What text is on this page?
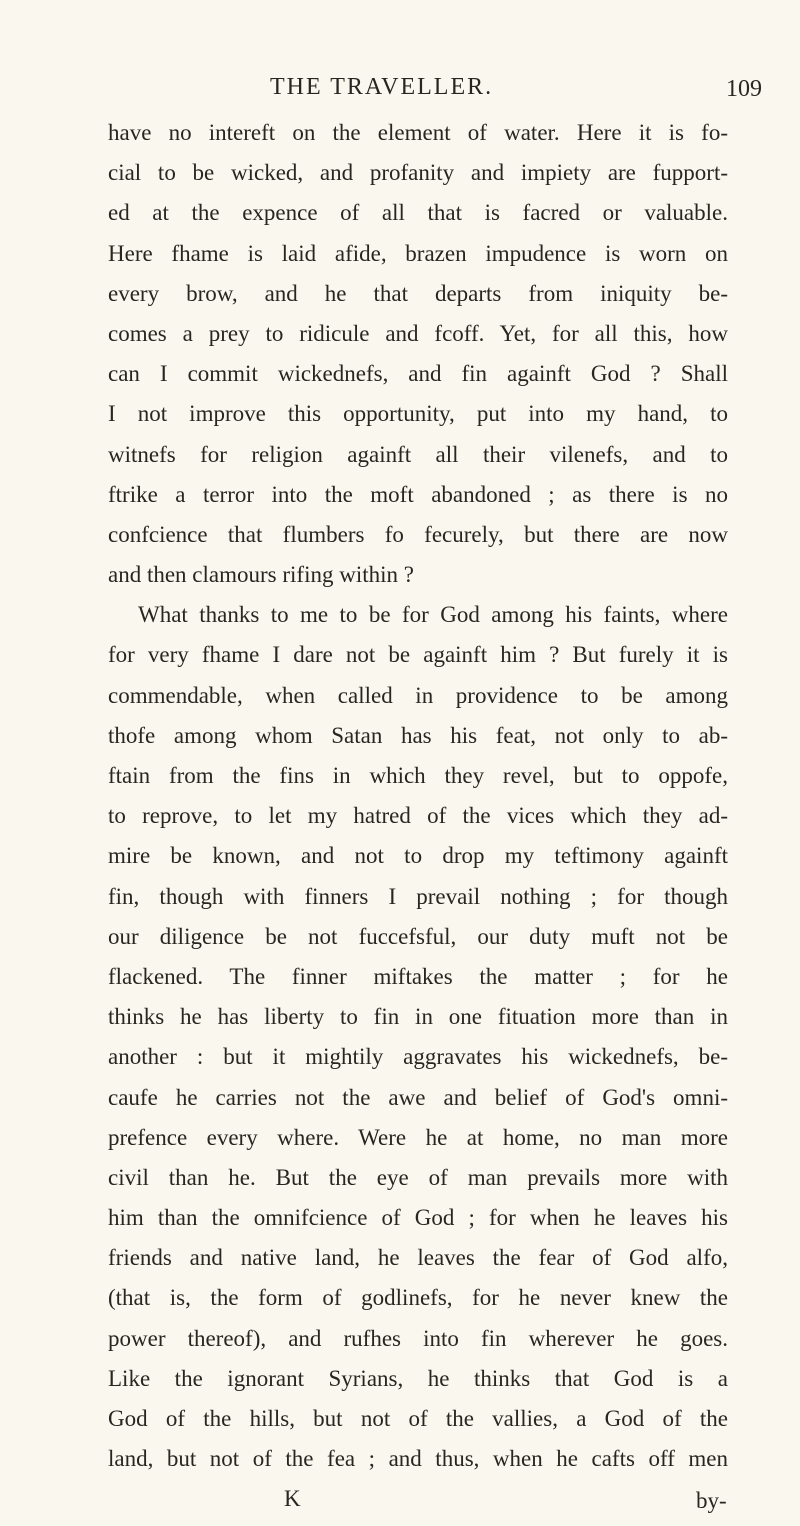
THE TRAVELLER.	109
have no intereft on the element of water. Here it is fo-
cial to be wicked, and profanity and impiety are fupport-
ed at the expence of all that is facred or valuable.
Here fhame is laid afide, brazen impudence is worn on
every brow, and he that departs from iniquity be-
comes a prey to ridicule and fcoff. Yet, for all this, how
can I commit wickednefs, and fin againft God ? Shall
I not improve this opportunity, put into my hand, to
witnefs for religion againft all their vilenefs, and to
ftrike a terror into the moft abandoned ; as there is no
confcience that flumbers fo fecurely, but there are now
and then clamours rifing within ?
What thanks to me to be for God among his faints, where
for very fhame I dare not be againft him ? But furely it is
commendable, when called in providence to be among
thofe among whom Satan has his feat, not only to ab-
ftain from the fins in which they revel, but to oppofe,
to reprove, to let my hatred of the vices which they ad-
mire be known, and not to drop my teftimony againft
fin, though with finners I prevail nothing ; for though
our diligence be not fuccefsful, our duty muft not be
flackened. The finner miftakes the matter ; for he
thinks he has liberty to fin in one fituation more than in
another : but it mightily aggravates his wickednefs, be-
caufe he carries not the awe and belief of God's omni-
prefence every where. Were he at home, no man more
civil than he. But the eye of man prevails more with
him than the omnifcience of God ; for when he leaves his
friends and native land, he leaves the fear of God alfo,
(that is, the form of godlinefs, for he never knew the
power thereof), and rufhes into fin wherever he goes.
Like the ignorant Syrians, he thinks that God is a
God of the hills, but not of the vallies, a God of the
land, but not of the fea ; and thus, when he cafts off men
K	by-
